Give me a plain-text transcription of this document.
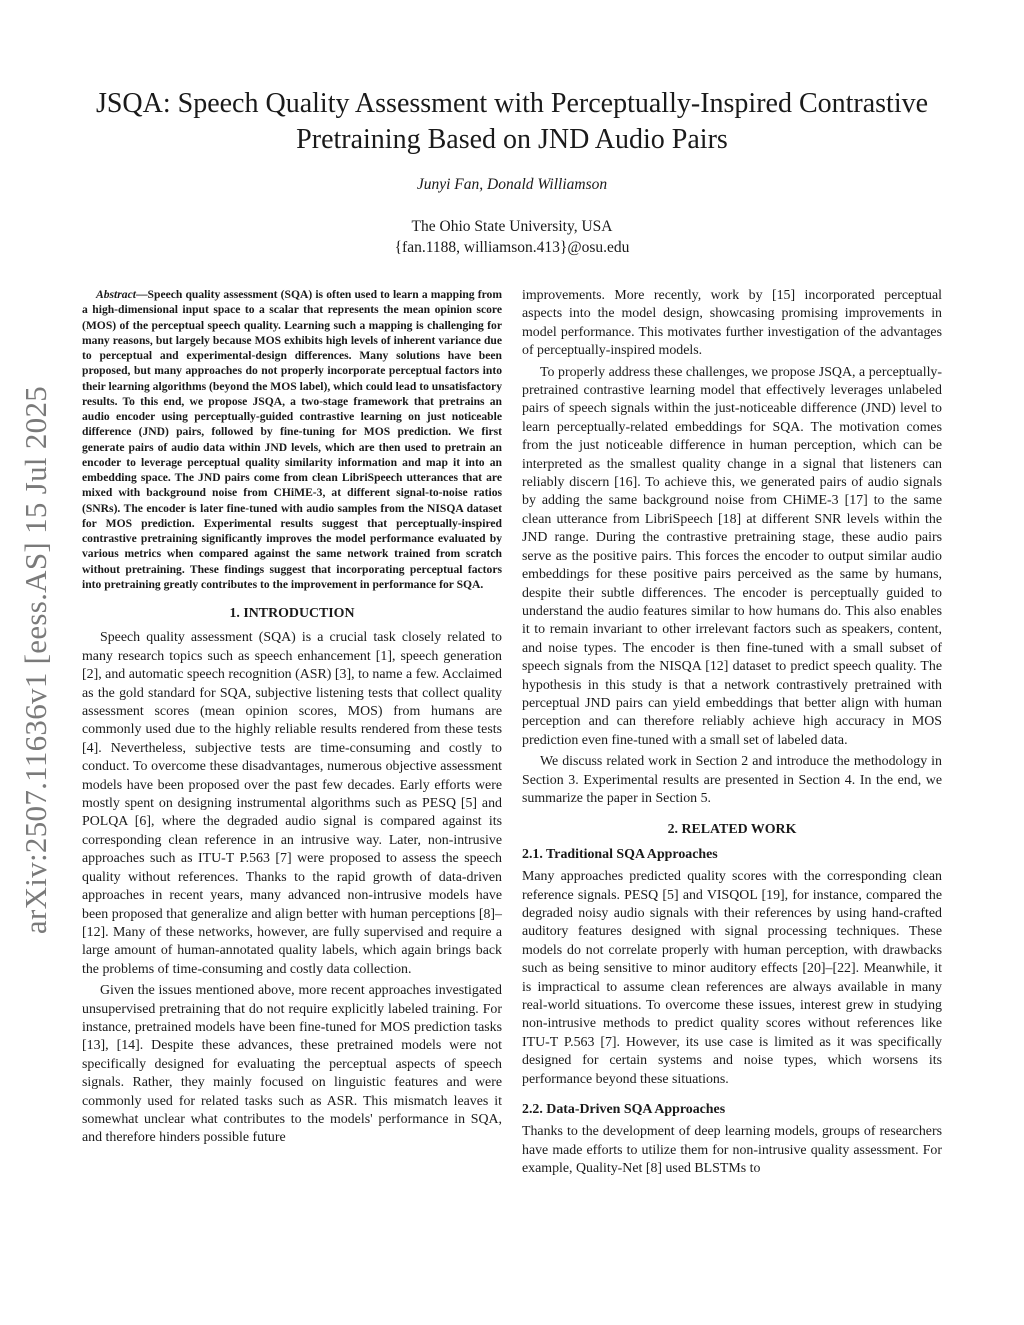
arXiv:2507.11636v1 [eess.AS] 15 Jul 2025
JSQA: Speech Quality Assessment with Perceptually-Inspired Contrastive Pretraining Based on JND Audio Pairs
Junyi Fan, Donald Williamson
The Ohio State University, USA
{fan.1188, williamson.413}@osu.edu

Abstract—Speech quality assessment (SQA) is often used to learn a mapping from a high-dimensional input space to a scalar that represents the mean opinion score (MOS) of the perceptual speech quality. Learning such a mapping is challenging for many reasons, but largely because MOS exhibits high levels of inherent variance due to perceptual and experimental-design differences. Many solutions have been proposed, but many approaches do not properly incorporate perceptual factors into their learning algorithms (beyond the MOS label), which could lead to unsatisfactory results. To this end, we propose JSQA, a two-stage framework that pretrains an audio encoder using perceptually-guided contrastive learning on just noticeable difference (JND) pairs, followed by fine-tuning for MOS prediction. We first generate pairs of audio data within JND levels, which are then used to pretrain an encoder to leverage perceptual quality similarity information and map it into an embedding space. The JND pairs come from clean LibriSpeech utterances that are mixed with background noise from CHiME-3, at different signal-to-noise ratios (SNRs). The encoder is later fine-tuned with audio samples from the NISQA dataset for MOS prediction. Experimental results suggest that perceptually-inspired contrastive pretraining significantly improves the model performance evaluated by various metrics when compared against the same network trained from scratch without pretraining. These findings suggest that incorporating perceptual factors into pretraining greatly contributes to the improvement in performance for SQA.

1. INTRODUCTION

Speech quality assessment (SQA) is a crucial task closely related to many research topics such as speech enhancement [1], speech generation [2], and automatic speech recognition (ASR) [3], to name a few. Acclaimed as the gold standard for SQA, subjective listening tests that collect quality assessment scores (mean opinion scores, MOS) from humans are commonly used due to the highly reliable results rendered from these tests [4]. Nevertheless, subjective tests are time-consuming and costly to conduct. To overcome these disadvantages, numerous objective assessment models have been proposed over the past few decades. Early efforts were mostly spent on designing instrumental algorithms such as PESQ [5] and POLQA [6], where the degraded audio signal is compared against its corresponding clean reference in an intrusive way. Later, non-intrusive approaches such as ITU-T P.563 [7] were proposed to assess the speech quality without references. Thanks to the rapid growth of data-driven approaches in recent years, many advanced non-intrusive models have been proposed that generalize and align better with human perceptions [8]–[12]. Many of these networks, however, are fully supervised and require a large amount of human-annotated quality labels, which again brings back the problems of time-consuming and costly data collection.

Given the issues mentioned above, more recent approaches investigated unsupervised pretraining that do not require explicitly labeled training. For instance, pretrained models have been fine-tuned for MOS prediction tasks [13], [14]. Despite these advances, these pretrained models were not specifically designed for evaluating the perceptual aspects of speech signals. Rather, they mainly focused on linguistic features and were commonly used for related tasks such as ASR. This mismatch leaves it somewhat unclear what contributes to the models' performance in SQA, and therefore hinders possible future

improvements. More recently, work by [15] incorporated perceptual aspects into the model design, showcasing promising improvements in model performance. This motivates further investigation of the advantages of perceptually-inspired models.

To properly address these challenges, we propose JSQA, a perceptually-pretrained contrastive learning model that effectively leverages unlabeled pairs of speech signals within the just-noticeable difference (JND) level to learn perceptually-related embeddings for SQA. The motivation comes from the just noticeable difference in human perception, which can be interpreted as the smallest quality change in a signal that listeners can reliably discern [16]. To achieve this, we generated pairs of audio signals by adding the same background noise from CHiME-3 [17] to the same clean utterance from LibriSpeech [18] at different SNR levels within the JND range. During the contrastive pretraining stage, these audio pairs serve as the positive pairs. This forces the encoder to output similar audio embeddings for these positive pairs perceived as the same by humans, despite their subtle differences. The encoder is perceptually guided to understand the audio features similar to how humans do. This also enables it to remain invariant to other irrelevant factors such as speakers, content, and noise types. The encoder is then fine-tuned with a small subset of speech signals from the NISQA [12] dataset to predict speech quality. The hypothesis in this study is that a network contrastively pretrained with perceptual JND pairs can yield embeddings that better align with human perception and can therefore reliably achieve high accuracy in MOS prediction even fine-tuned with a small set of labeled data.

We discuss related work in Section 2 and introduce the methodology in Section 3. Experimental results are presented in Section 4. In the end, we summarize the paper in Section 5.

2. RELATED WORK
2.1. Traditional SQA Approaches

Many approaches predicted quality scores with the corresponding clean reference signals. PESQ [5] and VISQOL [19], for instance, compared the degraded noisy audio signals with their references by using hand-crafted auditory features designed with signal processing techniques. These models do not correlate properly with human perception, with drawbacks such as being sensitive to minor auditory effects [20]–[22]. Meanwhile, it is impractical to assume clean references are always available in many real-world situations. To overcome these issues, interest grew in studying non-intrusive methods to predict quality scores without references like ITU-T P.563 [7]. However, its use case is limited as it was specifically designed for certain systems and noise types, which worsens its performance beyond these situations.

2.2. Data-Driven SQA Approaches

Thanks to the development of deep learning models, groups of researchers have made efforts to utilize them for non-intrusive quality assessment. For example, Quality-Net [8] used BLSTMs to
